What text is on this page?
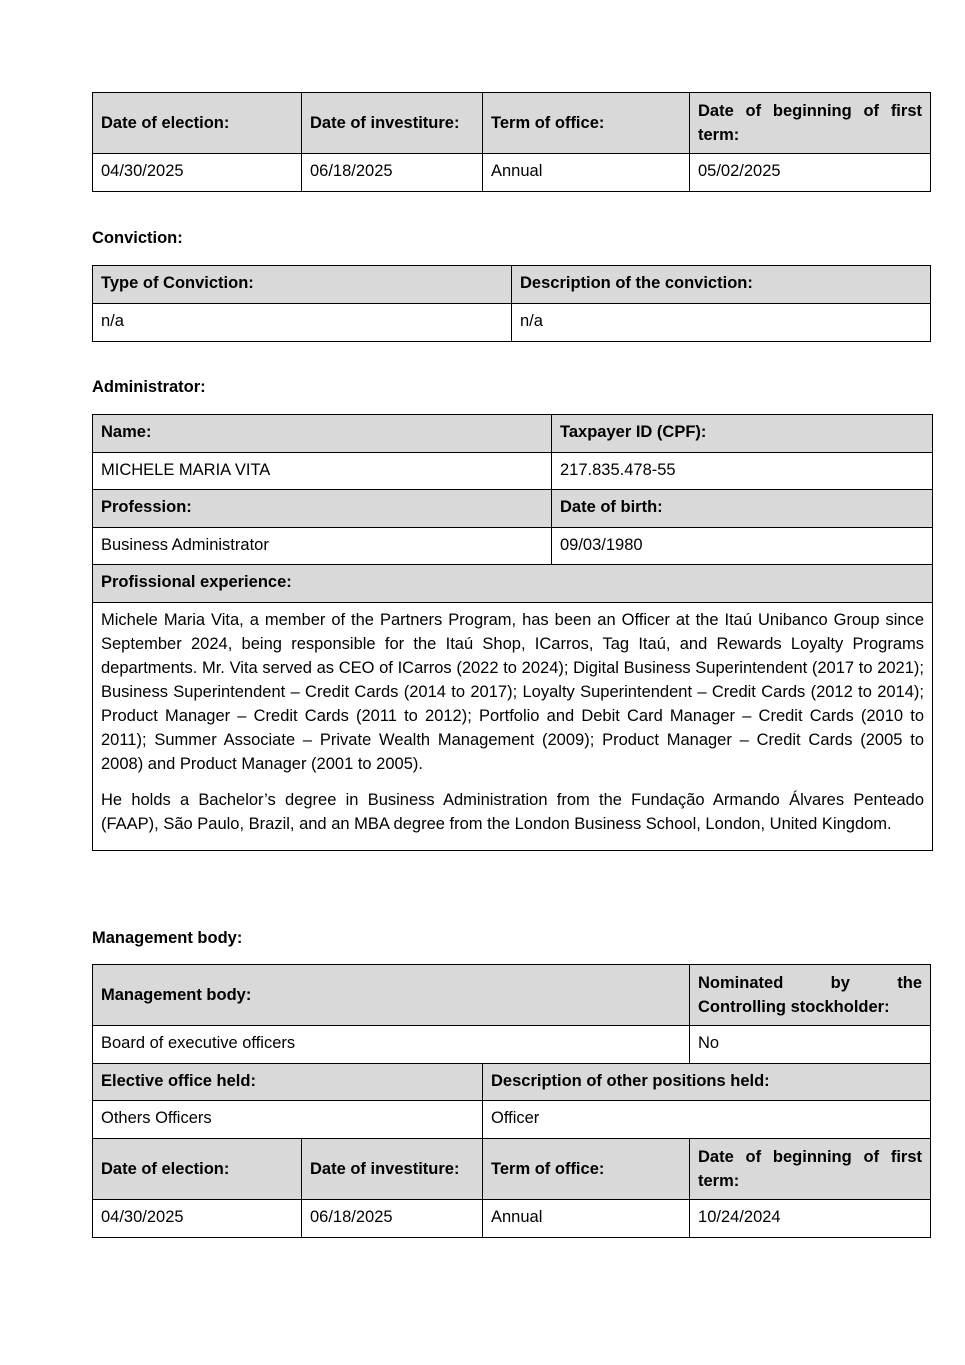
Date of election:	Date of investiture:	Term of office:	Date of beginning of first term:
04/30/2025	06/18/2025	Annual	05/02/2025

Conviction:

Type of Conviction:	Description of the conviction:
n/a	n/a

Administrator:

Name:	Taxpayer ID (CPF):
MICHELE MARIA VITA	217.835.478-55
Profession:	Date of birth:
Business Administrator	09/03/1980
Profissional experience:	

Michele Maria Vita, a member of the Partners Program, has been an Officer at the Itaú Unibanco Group since September 2024, being responsible for the Itaú Shop, ICarros, Tag Itaú, and Rewards Loyalty Programs departments. Mr. Vita served as CEO of ICarros (2022 to 2024); Digital Business Superintendent (2017 to 2021); Business Superintendent – Credit Cards (2014 to 2017); Loyalty Superintendent – Credit Cards (2012 to 2014); Product Manager – Credit Cards (2011 to 2012); Portfolio and Debit Card Manager – Credit Cards (2010 to 2011); Summer Associate – Private Wealth Management (2009); Product Manager – Credit Cards (2005 to 2008) and Product Manager (2001 to 2005).

He holds a Bachelor’s degree in Business Administration from the Fundação Armando Álvares Penteado (FAAP), São Paulo, Brazil, and an MBA degree from the London Business School, London, United Kingdom.	

Management body:

Management body:			Nominated by the Controlling stockholder:
Board of executive officers			No
Elective office held:		Description of other positions held:	
Others Officers		Officer	
Date of election:	Date of investiture:	Term of office:	Date of beginning of first term:
04/30/2025	06/18/2025	Annual	10/24/2024
